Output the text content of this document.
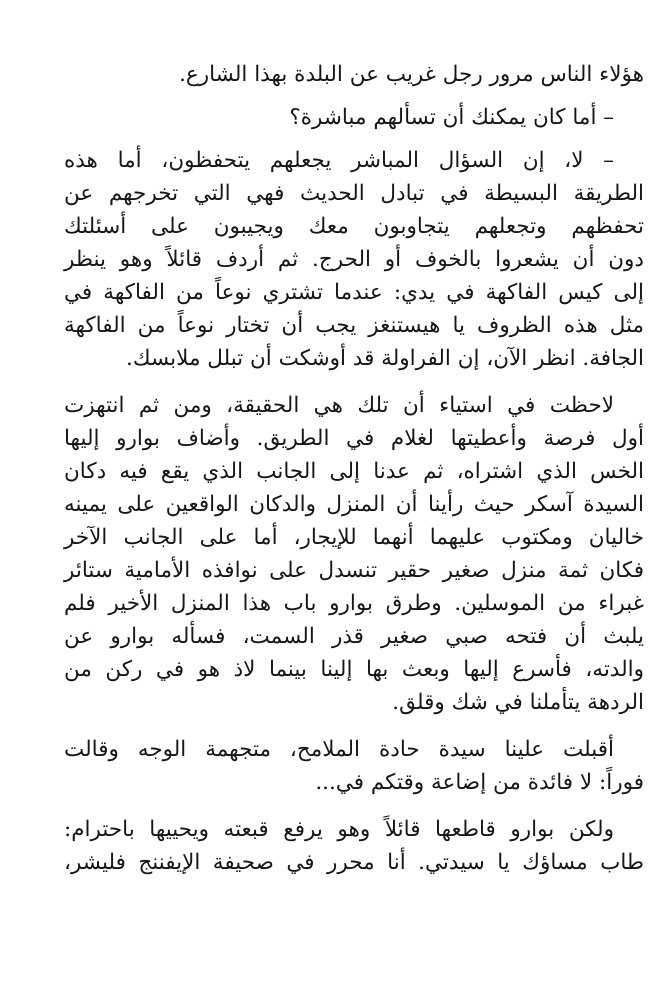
هؤلاء الناس مرور رجل غريب عن البلدة بهذا الشارع.

– أما كان يمكنك أن تسألهم مباشرة؟

– لا، إن السؤال المباشر يجعلهم يتحفظون، أما هذه
الطريقة البسيطة في تبادل الحديث فهي التي تخرجهم عن
تحفظهم وتجعلهم يتجاوبون معك ويجيبون على أسئلتك
دون أن يشعروا بالخوف أو الحرج. ثم أردف قائلاً وهو ينظر
إلى كيس الفاكهة في يدي: عندما تشتري نوعاً من الفاكهة في
مثل هذه الظروف يا هيستنغز يجب أن تختار نوعاً من الفاكهة
الجافة. انظر الآن، إن الفراولة قد أوشكت أن تبلل ملابسك.

لاحظت في استياء أن تلك هي الحقيقة، ومن ثم انتهزت
أول فرصة وأعطيتها لغلام في الطريق. وأضاف بوارو إليها
الخس الذي اشتراه، ثم عدنا إلى الجانب الذي يقع فيه دكان
السيدة آسكر حيث رأينا أن المنزل والدكان الواقعين على يمينه
خاليان ومكتوب عليهما أنهما للإيجار، أما على الجانب الآخر
فكان ثمة منزل صغير حقير تنسدل على نوافذه الأمامية ستائر
غبراء من الموسلين. وطرق بوارو باب هذا المنزل الأخير فلم
يلبث أن فتحه صبي صغير قذر السمت، فسأله بوارو عن
والدته، فأسرع إليها وبعث بها إلينا بينما لاذ هو في ركن من
الردهة يتأملنا في شك وقلق.

أقبلت علينا سيدة حادة الملامح، متجهمة الوجه وقالت
فوراً: لا فائدة من إضاعة وقتكم في...

ولكن بوارو قاطعها قائلاً وهو يرفع قبعته ويحييها باحترام:
طاب مساؤك يا سيدتي. أنا محرر في صحيفة الإيفننج فليشر،
